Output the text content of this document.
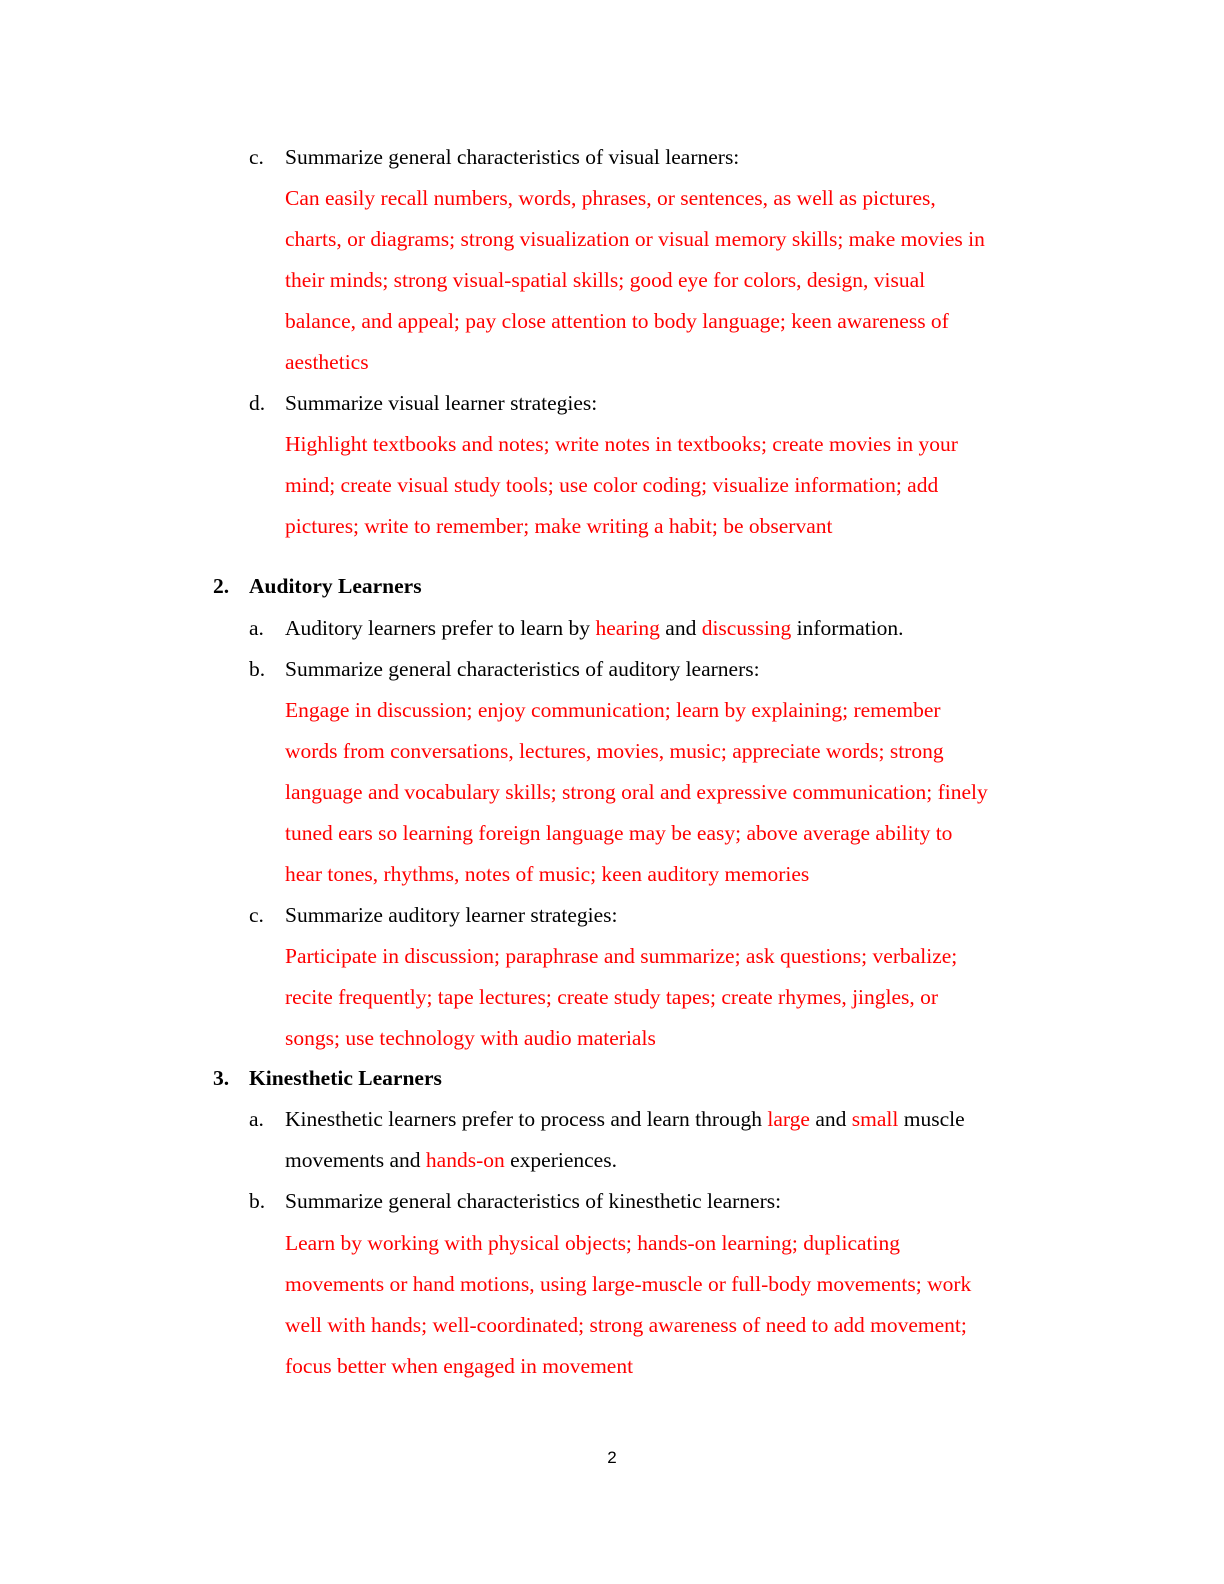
c. Summarize general characteristics of visual learners:
Can easily recall numbers, words, phrases, or sentences, as well as pictures,
charts, or diagrams; strong visualization or visual memory skills; make movies in
their minds; strong visual-spatial skills; good eye for colors, design, visual
balance, and appeal; pay close attention to body language; keen awareness of
aesthetics
d. Summarize visual learner strategies:
Highlight textbooks and notes; write notes in textbooks; create movies in your
mind; create visual study tools; use color coding; visualize information; add
pictures; write to remember; make writing a habit; be observant
2. Auditory Learners
a. Auditory learners prefer to learn by hearing and discussing information.
b. Summarize general characteristics of auditory learners:
Engage in discussion; enjoy communication; learn by explaining; remember
words from conversations, lectures, movies, music; appreciate words; strong
language and vocabulary skills; strong oral and expressive communication; finely
tuned ears so learning foreign language may be easy; above average ability to
hear tones, rhythms, notes of music; keen auditory memories
c. Summarize auditory learner strategies:
Participate in discussion; paraphrase and summarize; ask questions; verbalize;
recite frequently; tape lectures; create study tapes; create rhymes, jingles, or
songs; use technology with audio materials
3. Kinesthetic Learners
a. Kinesthetic learners prefer to process and learn through large and small muscle
movements and hands-on experiences.
b. Summarize general characteristics of kinesthetic learners:
Learn by working with physical objects; hands-on learning; duplicating
movements or hand motions, using large-muscle or full-body movements; work
well with hands; well-coordinated; strong awareness of need to add movement;
focus better when engaged in movement
2
